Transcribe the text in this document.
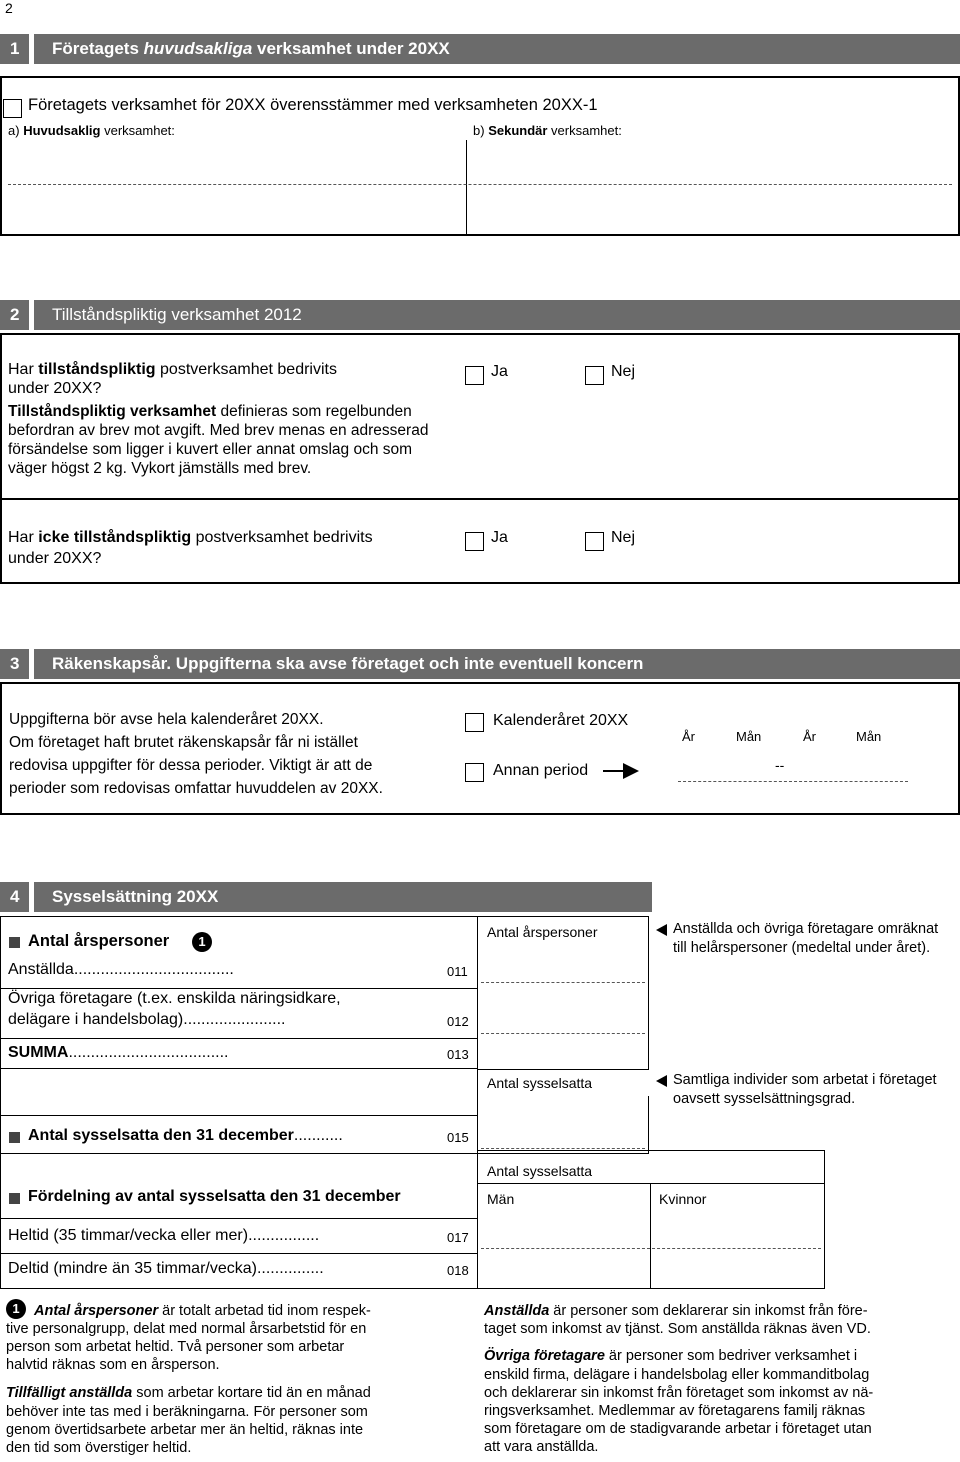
2
1	Företagets huvudsakliga verksamhet under 20XX
Företagets verksamhet för 20XX överensstämmer med verksamheten 20XX-1
a) Huvudsaklig verksamhet:	b) Sekundär verksamhet:
2	Tillståndspliktig verksamhet 2012
Har tillståndspliktig postverksamhet bedrivits
under 20XX?
Tillståndspliktig verksamhet definieras som regelbunden
befordran av brev mot avgift. Med brev menas en adresserad
försändelse som ligger i kuvert eller annat omslag och som
väger högst 2 kg. Vykort jämställs med brev.
Ja	Nej
Har icke tillståndspliktig postverksamhet bedrivits
under 20XX?
Ja	Nej
3	Räkenskapsår. Uppgifterna ska avse företaget och inte eventuell koncern
Uppgifterna bör avse hela kalenderåret 20XX.
Om företaget haft brutet räkenskapsår får ni istället
redovisa uppgifter för dessa perioder. Viktigt är att de
perioder som redovisas omfattar huvuddelen av 20XX.
Kalenderåret 20XX
Annan period
År	Mån	År	Mån
--
4	Sysselsättning 20XX
Antal årspersoner
Antal sysselsatta
Antal sysselsatta
Män	Kvinnor
Antal årspersoner	1
Anställda....................................	011
Övriga företagare (t.ex. enskilda näringsidkare,
delägare i handelsbolag).......................	012
SUMMA....................................	013
Antal sysselsatta den 31 december...........	015
Fördelning av antal sysselsatta den 31 december
Heltid (35 timmar/vecka eller mer)................	017
Deltid (mindre än 35 timmar/vecka)...............	018
Anställda och övriga företagare omräknat
till helårspersoner (medeltal under året).
Samtliga individer som arbetat i företaget
oavsett sysselsättningsgrad.
1 Antal årspersoner är totalt arbetad tid inom respek-
tive personalgrupp, delat med normal årsarbetstid för en
person som arbetat heltid. Två personer som arbetar
halvtid räknas som en årsperson.
Tillfälligt anställda som arbetar kortare tid än en månad
behöver inte tas med i beräkningarna. För personer som
genom övertidsarbete arbetar mer än heltid, räknas inte
den tid som överstiger heltid.
Anställda är personer som deklarerar sin inkomst från före-
taget som inkomst av tjänst. Som anställda räknas även VD.
Övriga företagare är personer som bedriver verksamhet i
enskild firma, delägare i handelsbolag eller kommanditbolag
och deklarerar sin inkomst från företaget som inkomst av nä-
ringsverksamhet. Medlemmar av företagarens familj räknas
som företagare om de stadigvarande arbetar i företaget utan
att vara anställda.
